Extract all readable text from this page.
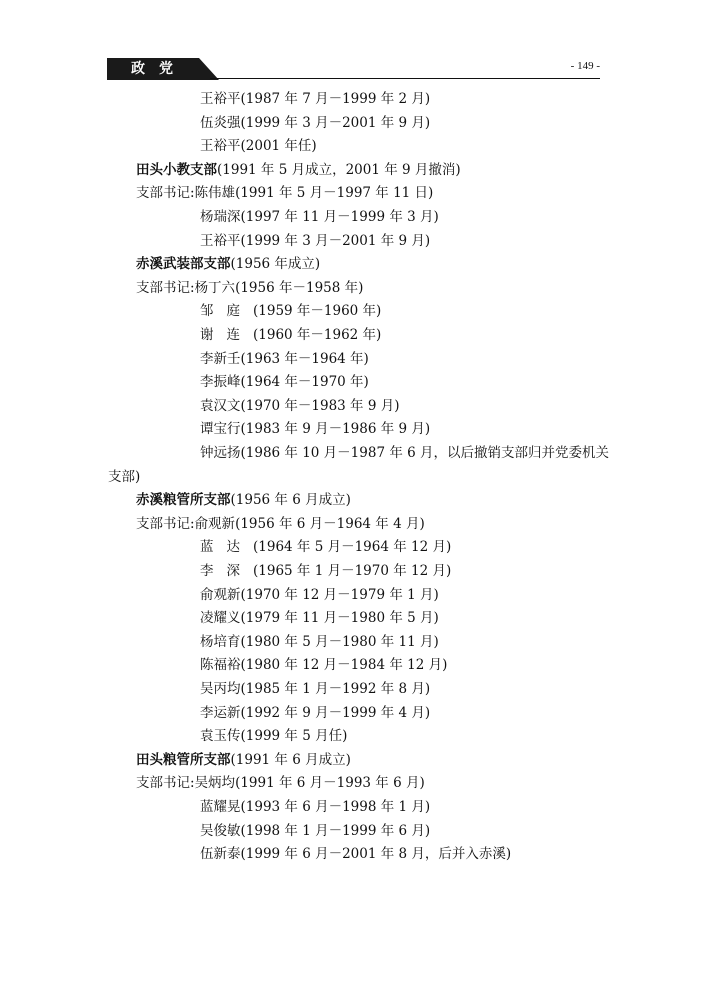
政党	- 149 -
王裕平(1987 年 7 月－1999 年 2 月)
伍炎强(1999 年 3 月－2001 年 9 月)
王裕平(2001 年任)
田头小教支部(1991 年 5 月成立，2001 年 9 月撤消)
支部书记:陈伟雄(1991 年 5 月－1997 年 11 日)
杨瑞深(1997 年 11 月－1999 年 3 月)
王裕平(1999 年 3 月－2001 年 9 月)
赤溪武装部支部(1956 年成立)
支部书记:杨丁六(1956 年－1958 年)
邹庭(1959 年－1960 年)
谢连(1960 年－1962 年)
李新壬(1963 年－1964 年)
李振峰(1964 年－1970 年)
袁汉文(1970 年－1983 年 9 月)
谭宝行(1983 年 9 月－1986 年 9 月)
钟远扬(1986 年 10 月－1987 年 6 月，以后撤销支部归并党委机关
支部)
赤溪粮管所支部(1956 年 6 月成立)
支部书记:俞观新(1956 年 6 月－1964 年 4 月)
蓝达(1964 年 5 月－1964 年 12 月)
李深(1965 年 1 月－1970 年 12 月)
俞观新(1970 年 12 月－1979 年 1 月)
凌耀义(1979 年 11 月－1980 年 5 月)
杨培育(1980 年 5 月－1980 年 11 月)
陈福裕(1980 年 12 月－1984 年 12 月)
吴丙均(1985 年 1 月－1992 年 8 月)
李运新(1992 年 9 月－1999 年 4 月)
袁玉传(1999 年 5 月任)
田头粮管所支部(1991 年 6 月成立)
支部书记:吴炳均(1991 年 6 月－1993 年 6 月)
蓝耀晃(1993 年 6 月－1998 年 1 月)
吴俊敏(1998 年 1 月－1999 年 6 月)
伍新泰(1999 年 6 月－2001 年 8 月，后并入赤溪)
